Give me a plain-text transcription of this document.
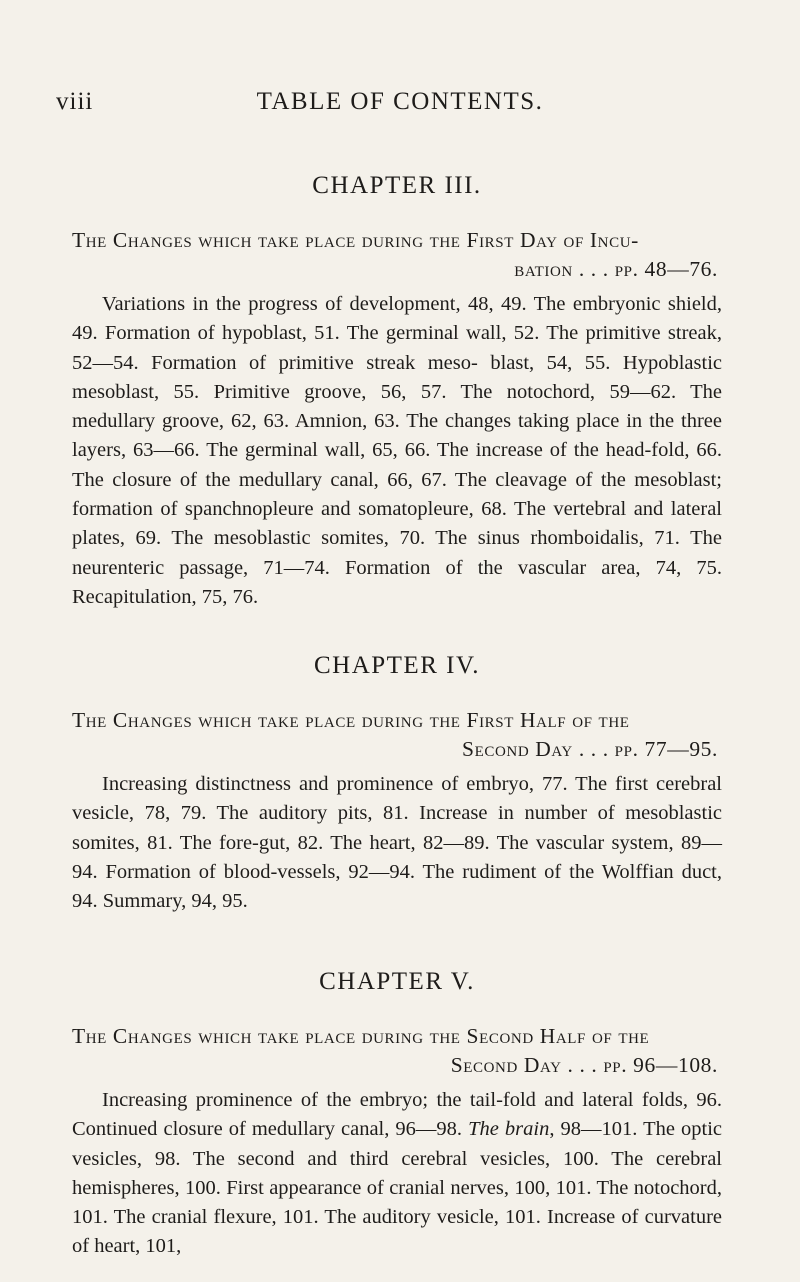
viii	TABLE OF CONTENTS.
CHAPTER III.
The Changes which take place during the First Day of Incu-
bation . . . pp. 48—76.

Variations in the progress of development, 48, 49. The embryonic shield, 49. Formation of hypoblast, 51. The germinal wall, 52. The primitive streak, 52—54. Formation of primitive streak meso- blast, 54, 55. Hypoblastic mesoblast, 55. Primitive groove, 56, 57. The notochord, 59—62. The medullary groove, 62, 63. Amnion, 63. The changes taking place in the three layers, 63—66. The germinal wall, 65, 66. The increase of the head-fold, 66. The closure of the medullary canal, 66, 67. The cleavage of the mesoblast; formation of spanchnopleure and somatopleure, 68. The vertebral and lateral plates, 69. The mesoblastic somites, 70. The sinus rhomboidalis, 71. The neurenteric passage, 71—74. Formation of the vascular area, 74, 75. Recapitulation, 75, 76.

CHAPTER IV.
The Changes which take place during the First Half of the
Second Day . . . pp. 77—95.

Increasing distinctness and prominence of embryo, 77. The first cerebral vesicle, 78, 79. The auditory pits, 81. Increase in number of mesoblastic somites, 81. The fore-gut, 82. The heart, 82—89. The vascular system, 89—94. Formation of blood-vessels, 92—94. The rudiment of the Wolffian duct, 94. Summary, 94, 95.

CHAPTER V.
The Changes which take place during the Second Half of the
Second Day . . . pp. 96—108.

Increasing prominence of the embryo; the tail-fold and lateral folds, 96. Continued closure of medullary canal, 96—98. The brain, 98—101. The optic vesicles, 98. The second and third cerebral vesicles, 100. The cerebral hemispheres, 100. First appearance of cranial nerves, 100, 101. The notochord, 101. The cranial flexure, 101. The auditory vesicle, 101. Increase of curvature of heart, 101,
